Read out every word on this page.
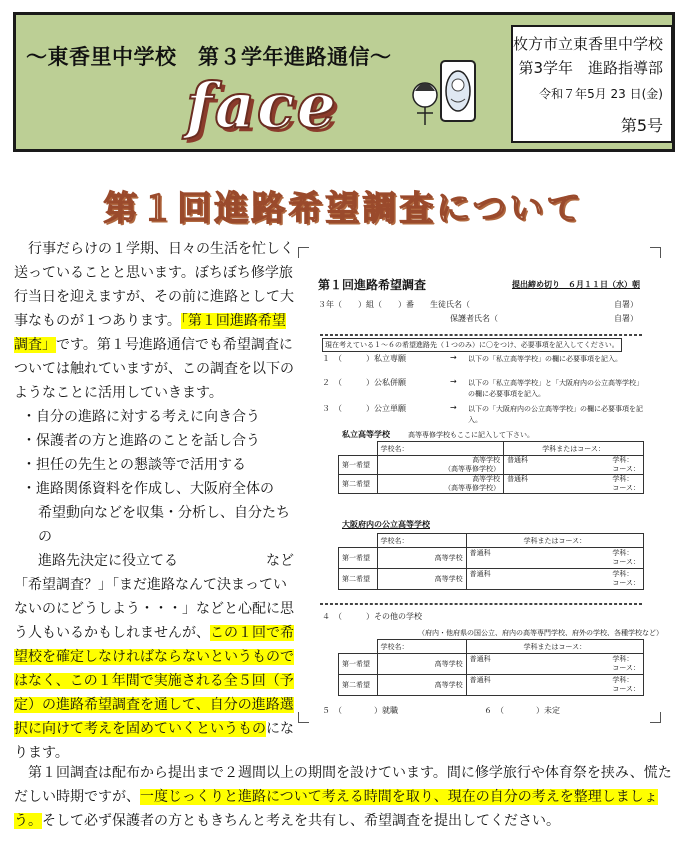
〜東香里中学校　第３学年進路通信〜
face
枚方市立東香里中学校
第3学年　進路指導部
令和７年5月 23 日(金)
第5号
第１回進路希望調査について

　行事だらけの１学期、日々の生活を忙しく送っていることと思います。ぼちぼち修学旅行当日を迎えますが、その前に進路として大事なものが１つあります。「第１回進路希望調査」です。第１号進路通信でも希望調査については触れていますが、この調査を以下のようなことに活用していきます。

・自分の進路に対する考えに向き合う

・保護者の方と進路のことを話し合う

・担任の先生との懇談等で活用する

・進路関係資料を作成し、大阪府全体の

希望動向などを収集・分析し、自分たちの

進路先決定に役立てる	など

「希望調査？」「まだ進路なんて決まっていないのにどうしよう・・・」などと心配に思う人もいるかもしれませんが、この１回で希望校を確定しなければならないというものではなく、この１年間で実施される全５回（予定）の進路希望調査を通して、自分の進路選択に向けて考えを固めていくというものになります。

第１回進路希望調査	提出締め切り　６月１１日（水）朝
３年（　　）組（　　）番　　生徒氏名（	自署）
保護者氏名（	自署）
現在考えている１～６の希望進路先（１つのみ）に〇をつけ、必要事項を記入してください。
１　（　　　）私立専願	→ 以下の「私立高等学校」の欄に必要事項を記入。
２　（　　　）公私併願	→ 以下の「私立高等学校」と「大阪府内の公立高等学校」の欄に必要事項を記入。
３　（　　　）公立単願	→ 以下の「大阪府内の公立高等学校」の欄に必要事項を記入。
私立高等学校	高等専修学校もここに記入して下さい。
	学校名：	学科またはコース：
第一希望	高等学校
（高等専修学校）	普通科 学科：
コース：

第二希望	高等学校
（高等専修学校）	普通科 学科：
コース：
大阪府内の公立高等学校
	学校名：	学科またはコース：
第一希望	高等学校	普通科 学科：
コース：

第二希望	高等学校	普通科 学科：
コース：
４　（　　　）その他の学校
（府内・他府県の国公立、府内の高等専門学校、府外の学校、各種学校など）
	学校名：	学科またはコース：
第一希望	高等学校	普通科 学科：
コース：

第二希望	高等学校	普通科 学科：
コース：
５　（　　　　）就職	６　（　　　　）未定
　第１回調査は配布から提出まで２週間以上の期間を設けています。間に修学旅行や体育祭を挟み、慌ただしい時期ですが、一度じっくりと進路について考える時間を取り、現在の自分の考えを整理しましょう。そして必ず保護者の方ともきちんと考えを共有し、希望調査を提出してください。
